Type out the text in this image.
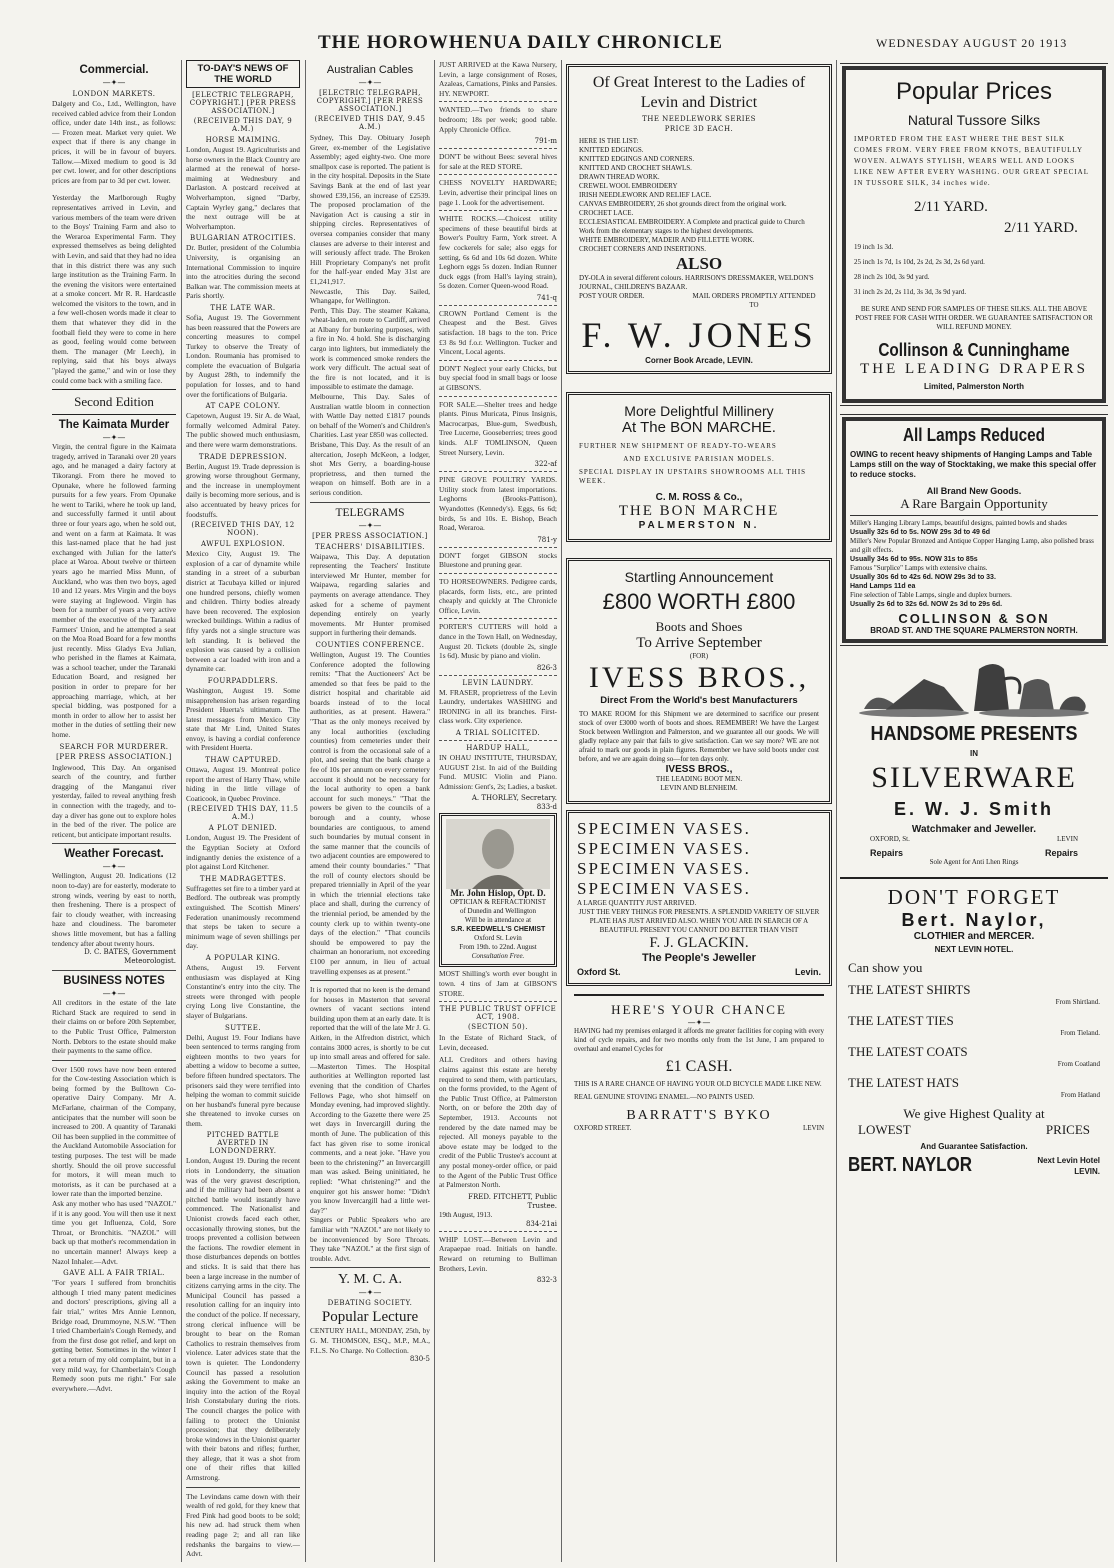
THE HOROWHENUA DAILY CHRONICLE	WEDNESDAY AUGUST 20 1913
Commercial.
—✦—
LONDON MARKETS.

Dalgety and Co., Ltd., Wellington, have received cabled advice from their London office, under date 14th inst., as follows:— Frozen meat. Market very quiet. We expect that if there is any change in prices, it will be in favour of buyers. Tallow.—Mixed medium to good is 3d per cwt. lower, and for other descriptions prices are from par to 3d per cwt. lower.

Yesterday the Marlborough Rugby representatives arrived in Levin, and various members of the team were driven to the Boys' Training Farm and also to the Weraroa Experimental Farm. They expressed themselves as being delighted with Levin, and said that they had no idea that in this district there was any such large institution as the Training Farm. In the evening the visitors were entertained at a smoke concert. Mr R. R. Hardcastle welcomed the visitors to the town, and in a few well-chosen words made it clear to them that whatever they did in the football field they were to come in here as good, feeling would come between them. The manager (Mr Leech), in replying, said that his boys always "played the game," and win or lose they could come back with a smiling face.

Second Edition
The Kaimata Murder
—✦—

Virgin, the central figure in the Kaimata tragedy, arrived in Taranaki over 20 years ago, and he managed a dairy factory at Tikorangi. From there he moved to Opunake, where he followed farming pursuits for a few years. From Opunake he went to Tariki, where he took up land, and successfully farmed it until about three or four years ago, when he sold out, and went on a farm at Kaimata. It was this last-named place that he had just exchanged with Julian for the latter's place at Waroa. About twelve or thirteen years ago he married Miss Munn, of Auckland, who was then two boys, aged 10 and 12 years. Mrs Virgin and the boys were staying at Inglewood. Virgin has been for a number of years a very active member of the executive of the Taranaki Farmers' Union, and he attempted a seat on the Moa Road Board for a few months just recently. Miss Gladys Eva Julian, who perished in the flames at Kaimata, was a school teacher, under the Taranaki Education Board, and resigned her position in order to prepare for her approaching marriage, which, at her special bidding, was postponed for a month in order to allow her to assist her mother in the duties of settling their new home.

SEARCH FOR MURDERER.
[PER PRESS ASSOCIATION.]

Inglewood, This Day. An organised search of the country, and further dragging of the Manganui river yesterday, failed to reveal anything fresh in connection with the tragedy, and to-day a diver has gone out to explore holes in the bed of the river. The police are reticent, but anticipate important results.

Weather Forecast.
—✦—

Wellington, August 20. Indications (12 noon to-day) are for easterly, moderate to strong winds, veering by east to north, then freshening. There is a prospect of fair to cloudy weather, with increasing haze and cloudiness. The barometer shows little movement, but has a falling tendency after about twenty hours.

D. C. BATES, Government Meteorologist.
BUSINESS NOTES
—✦—

All creditors in the estate of the late Richard Stack are required to send in their claims on or before 20th September, to the Public Trust Office, Palmerston North. Debtors to the estate should make their payments to the same office.

Over 1500 rows have now been entered for the Cow-testing Association which is being formed by the Bulltown Co-operative Dairy Company. Mr A. McFarlane, chairman of the Company, anticipates that the number will soon be increased to 200. A quantity of Taranaki Oil has been supplied in the committee of the Auckland Automobile Association for testing purposes. The test will be made shortly. Should the oil prove successful for motors, it will mean much to motorists, as it can be purchased at a lower rate than the imported benzine.

Ask any mother who has used "NAZOL" if it is any good. You will then use it next time you get Influenza, Cold, Sore Throat, or Bronchitis. "NAZOL" will back up that mother's recommendation in no uncertain manner! Always keep a Nazol Inhaler.—Advt.

GAVE ALL A FAIR TRIAL.

"For years I suffered from bronchitis although I tried many patent medicines and doctors' prescriptions, giving all a fair trial," writes Mrs Annie Lennon, Bridge road, Drummoyne, N.S.W. "Then I tried Chamberlain's Cough Remedy, and from the first dose got relief, and kept on getting better. Sometimes in the winter I get a return of my old complaint, but in a very mild way, for Chamberlain's Cough Remedy soon puts me right." For sale everywhere.—Advt.

TO-DAY'S NEWS OF THE WORLD
[ELECTRIC TELEGRAPH, COPYRIGHT.] [PER PRESS ASSOCIATION.]
(RECEIVED THIS DAY, 9 A.M.)
HORSE MAIMING.

London, August 19. Agriculturists and horse owners in the Black Country are alarmed at the renewal of horse-maiming at Wednesbury and Darlaston. A postcard received at Wolverhampton, signed "Darby, Captain Wyrley gang," declares that the next outrage will be at Wolverhampton.

BULGARIAN ATROCITIES.

Dr. Butler, president of the Columbia University, is organising an International Commission to inquire into the atrocities during the second Balkan war. The commission meets at Paris shortly.

THE LATE WAR.

Sofia, August 19. The Government has been reassured that the Powers are concerting measures to compel Turkey to observe the Treaty of London. Roumania has promised to complete the evacuation of Bulgaria by August 28th, to indemnify the population for losses, and to hand over the fortifications of Bulgaria.

AT CAPE COLONY.

Capetown, August 19. Sir A. de Waal, formally welcomed Admiral Patey. The public showed much enthusiasm, and there were warm demonstrations.

TRADE DEPRESSION.

Berlin, August 19. Trade depression is growing worse throughout Germany, and the increase in unemployment daily is becoming more serious, and is also accentuated by heavy prices for foodstuffs.

(RECEIVED THIS DAY, 12 NOON).
AWFUL EXPLOSION.

Mexico City, August 19. The explosion of a car of dynamite while standing in a street of a suburban district at Tacubaya killed or injured one hundred persons, chiefly women and children. Thirty bodies already have been recovered. The explosion wrecked buildings. Within a radius of fifty yards not a single structure was left standing. It is believed the explosion was caused by a collision between a car loaded with iron and a dynamite car.

FOURPADDLERS.

Washington, August 19. Some misapprehension has arisen regarding President Huerta's ultimatum. The latest messages from Mexico City state that Mr Lind, United States envoy, is having a cordial conference with President Huerta.

THAW CAPTURED.

Ottawa, August 19. Montreal police report the arrest of Harry Thaw, while hiding in the little village of Coaticook, in Quebec Province.

(RECEIVED THIS DAY, 11.5 A.M.)
A PLOT DENIED.

London, August 19. The President of the Egyptian Society at Oxford indignantly denies the existence of a plot against Lord Kitchener.

THE MADRAGETTES.

Suffragettes set fire to a timber yard at Bedford. The outbreak was promptly extinguished. The Scottish Miners' Federation unanimously recommend that steps be taken to secure a minimum wage of seven shillings per day.

A POPULAR KING.

Athens, August 19. Fervent enthusiasm was displayed at King Constantine's entry into the city. The streets were thronged with people crying Long live Constantine, the slayer of Bulgarians.

SUTTEE.

Delhi, August 19. Four Indians have been sentenced to terms ranging from eighteen months to two years for abetting a widow to become a suttee, before fifteen hundred spectators. The prisoners said they were terrified into helping the woman to commit suicide on her husband's funeral pyre because she threatened to invoke curses on them.

PITCHED BATTLE AVERTED IN LONDONDERRY.

London, August 19. During the recent riots in Londonderry, the situation was of the very gravest description, and if the military had been absent a pitched battle would instantly have commenced. The Nationalist and Unionist crowds faced each other, occasionally throwing stones, but the troops prevented a collision between the factions. The rowdier element in those disturbances depends on bottles and sticks. It is said that there has been a large increase in the number of citizens carrying arms in the city. The Municipal Council has passed a resolution calling for an inquiry into the conduct of the police. If necessary, strong clerical influence will be brought to bear on the Roman Catholics to restrain themselves from violence. Later advices state that the town is quieter. The Londonderry Council has passed a resolution asking the Government to make an inquiry into the action of the Royal Irish Constabulary during the riots. The council charges the police with failing to protect the Unionist procession; that they deliberately broke windows in the Unionist quarter with their batons and rifles; further, they allege, that it was a shot from one of their rifles that killed Armstrong.

The Levindans came down with their wealth of red gold, for they knew that Fred Pink had good boots to be sold; his new ad. had struck them when reading page 2; and all ran like redshanks the bargains to view.—Advt.

Australian Cables
—✦—
[ELECTRIC TELEGRAPH, COPYRIGHT.] [PER PRESS ASSOCIATION.]
(RECEIVED THIS DAY, 9.45 A.M.)

Sydney, This Day. Obituary Joseph Greer, ex-member of the Legislative Assembly; aged eighty-two. One more smallpox case is reported. The patient is in the city hospital. Deposits in the State Savings Bank at the end of last year showed £39,156, an increase of £2539. The proposed proclamation of the Navigation Act is causing a stir in shipping circles. Representatives of oversea companies consider that many clauses are adverse to their interest and will seriously affect trade. The Broken Hill Proprietary Company's net profit for the half-year ended May 31st are £1,241,917.

Newcastle, This Day. Sailed, Whangape, for Wellington.

Perth, This Day. The steamer Kakana, wheat-laden, en route to Cardiff, arrived at Albany for bunkering purposes, with a fire in No. 4 hold. She is discharging cargo into lighters, but immediately the work is commenced smoke renders the work very difficult. The actual seat of the fire is not located, and it is impossible to estimate the damage.

Melbourne, This Day. Sales of Australian wattle bloom in connection with Wattle Day netted £1817 pounds on behalf of the Women's and Children's Charities. Last year £850 was collected.

Brisbane, This Day. As the result of an altercation, Joseph McKeon, a lodger, shot Mrs Gerry, a boarding-house proprietress, and then turned the weapon on himself. Both are in a serious condition.

TELEGRAMS
—✦—
[PER PRESS ASSOCIATION.]
TEACHERS' DISABILITIES.

Waipawa, This Day. A deputation representing the Teachers' Institute interviewed Mr Hunter, member for Waipawa, regarding salaries and payments on average attendance. They asked for a scheme of payment depending entirely on yearly movements. Mr Hunter promised support in furthering their demands.

COUNTIES CONFERENCE.

Wellington, August 19. The Counties Conference adopted the following remits: "That the Auctioneers' Act be amended so that fees be paid to the district hospital and charitable aid boards instead of to the local authorities, as at present. Hawera." "That as the only moneys received by any local authorities (excluding counties) from cemeteries under their control is from the occasional sale of a plot, and seeing that the bank charge a fee of 10s per annum on every cemetery account it should not be necessary for the local authority to open a bank account for such moneys." "That the powers be given to the councils of a borough and a county, whose boundaries are contiguous, to amend such boundaries by mutual consent in the same manner that the councils of two adjacent counties are empowered to amend their county boundaries." "That the roll of county electors should be prepared triennially in April of the year in which the triennial elections take place and shall, during the currency of the triennial period, be amended by the county clerk up to within twenty-one days of the election." "That councils should be empowered to pay the chairman an honorarium, not exceeding £100 per annum, in lieu of actual travelling expenses as at present."

It is reported that no keen is the demand for houses in Masterton that several owners of vacant sections intend building upon them at an early date. It is reported that the will of the late Mr J. G. Aitken, in the Alfredton district, which contains 3000 acres, is shortly to be cut up into small areas and offered for sale.—Masterton Times. The Hospital authorities at Wellington reported last evening that the condition of Charles Fellows Page, who shot himself on Monday evening, had improved slightly. According to the Gazette there were 25 wet days in Invercargill during the month of June. The publication of this fact has given rise to some ironical comments, and a neat joke. "Have you been to the christening?" an Invercargill man was asked. Being uninitiated, he replied: "What christening?" and the enquirer got his answer home: "Didn't you know Invercargill had a little wet-day?"

Singers or Public Speakers who are familiar with "NAZOL" are not likely to be inconvenienced by Sore Throats. They take "NAZOL" at the first sign of trouble. Advt.

Y. M. C. A.
—✦—
DEBATING SOCIETY.
Popular Lecture

CENTURY HALL, MONDAY, 25th, by G. M. THOMSON, ESQ., M.P., M.A., F.L.S. No Charge. No Collection.

830-5

JUST ARRIVED at the Kawa Nursery, Levin, a large consignment of Roses, Azaleas, Carnations, Pinks and Pansies. HY. NEWPORT.

WANTED.—Two friends to share bedroom; 18s per week; good table. Apply Chronicle Office.

791-m

DON'T be without Bees: several hives for sale at the RED STORE.

CHESS NOVELTY HARDWARE; Levin, advertise their principal lines on page 1. Look for the advertisement.

WHITE ROCKS.—Choicest utility specimens of these beautiful birds at Bower's Poultry Farm, York street. A few cockerels for sale; also eggs for setting, 6s 6d and 10s 6d dozen. White Leghorn eggs 5s dozen. Indian Runner duck eggs (from Hall's laying strain), 5s dozen. Corner Queen-wood Road.

741-q

CROWN Portland Cement is the Cheapest and the Best. Gives satisfaction. 18 bags to the ton. Price £3 8s 9d f.o.r. Wellington. Tucker and Vincent, Local agents.

DON'T Neglect your early Chicks, but buy special food in small bags or loose at GIBSON'S.

FOR SALE.—Shelter trees and hedge plants. Pinus Muricata, Pinus Insignis, Macrocarpas, Blue-gum, Swedbush, Tree Lucerne, Gooseberries; trees good kinds. ALF TOMLINSON, Queen Street Nursery, Levin.

322-af

PINE GROVE POULTRY YARDS. Utility stock from latest importations. Leghorns (Brooks-Pattison), Wyandottes (Kennedy's). Eggs, 6s 6d; birds, 5s and 10s. E. Bishop, Beach Road, Weraroa.

781-y

DON'T forget GIBSON stocks Bluestone and pruning gear.

TO HORSEOWNERS. Pedigree cards, placards, form lists, etc., are printed cheaply and quickly at The Chronicle Office, Levin.

PORTER'S CUTTERS will hold a dance in the Town Hall, on Wednesday, August 20. Tickets (double 2s, single 1s 6d). Music by piano and violin.

826-3
LEVIN LAUNDRY.

M. FRASER, proprietress of the Levin Laundry, undertakes WASHING and IRONING in all its branches. First-class work. City experience.

A TRIAL SOLICITED.
HARDUP HALL,

IN OHAU INSTITUTE, THURSDAY, AUGUST 21st. In aid of the Building Fund. MUSIC Violin and Piano. Admission: Gent's, 2s; Ladies, a basket.

A. THORLEY, Secretary.
833-d
Mr. John Hislop, Opt. D.
OPTICIAN & REFRACTIONIST
of Dunedin and Wellington
Will be in attendance at
S.R. KEEDWELL'S CHEMIST
Oxford St. Levin
From 19th. to 22nd. August
Consultation Free.

MOST Shilling's worth ever bought in town. 4 tins of Jam at GIBSON'S STORE.

THE PUBLIC TRUST OFFICE ACT, 1908.
(SECTION 50).

In the Estate of Richard Stack, of Levin, deceased.

ALL Creditors and others having claims against this estate are hereby required to send them, with particulars, on the forms provided, to the Agent of the Public Trust Office, at Palmerston North, on or before the 20th day of September, 1913. Accounts not rendered by the date named may be rejected. All moneys payable to the above estate may be lodged to the credit of the Public Trustee's account at any postal money-order office, or paid to the Agent of the Public Trust Office at Palmerston North.

FRED. FITCHETT, Public Trustee.
19th August, 1913.
834-21ai

WHIP LOST.—Between Levin and Arapaepae road. Initials on handle. Reward on returning to Bulliman Brothers, Levin.

832-3
Of Great Interest to the Ladies of Levin and District
THE NEEDLEWORK SERIES
PRICE 3D EACH.
HERE IS THE LIST:
KNITTED EDGINGS.
KNITTED EDGINGS AND CORNERS.
KNITTED AND CROCHET SHAWLS.
DRAWN THREAD WORK.
CREWEL WOOL EMBROIDERY
IRISH NEEDLEWORK AND RELIEF LACE.
CANVAS EMBROIDERY, 26 shot grounds direct from the original work.
CROCHET LACE.
ECCLESIASTICAL EMBROIDERY. A Complete and practical guide to Church Work from the elementary stages to the highest developments.
WHITE EMBROIDERY, MADEIR AND FILLETTE WORK.
CROCHET CORNERS AND INSERTIONS.
ALSO
DY-OLA in several different colours. HARRISON'S DRESSMAKER, WELDON'S JOURNAL, CHILDREN'S BAZAAR.
POST YOUR ORDER.	MAIL ORDERS PROMPTLY ATTENDED TO
F. W. JONES
Corner Book Arcade, LEVIN.
More Delightful Millinery
At The BON MARCHE.
FURTHER NEW SHIPMENT OF READY-TO-WEARS
AND EXCLUSIVE PARISIAN MODELS.
SPECIAL DISPLAY IN UPSTAIRS SHOWROOMS ALL THIS WEEK.
C. M. ROSS & Co.,
THE BON MARCHE
PALMERSTON N.
Startling Announcement
£800 WORTH £800
Boots and Shoes
To Arrive September
(FOR)
IVESS BROS.,
Direct From the World's best Manufacturers

TO MAKE ROOM for this Shipment we are determined to sacrifice our present stock of over £3000 worth of boots and shoes. REMEMBER! We have the Largest Stock between Wellington and Palmerston, and we guarantee all our goods. We will gladly replace any pair that fails to give satisfaction. Can we say more? WE are not afraid to mark our goods in plain figures. Remember we have sold boots under cost before, and we are again doing so—for ten days only.

IVESS BROS.,
THE LEADING BOOT MEN.
LEVIN AND BLENHEIM.
SPECIMEN VASES.
SPECIMEN VASES.
SPECIMEN VASES.
SPECIMEN VASES.
A LARGE QUANTITY JUST ARRIVED.

JUST THE VERY THINGS FOR PRESENTS. A SPLENDID VARIETY OF SILVER PLATE HAS JUST ARRIVED ALSO. WHEN YOU ARE IN SEARCH OF A BEAUTIFUL PRESENT YOU CANNOT DO BETTER THAN VISIT

F. J. GLACKIN.
The People's Jeweller
Oxford St.	Levin.
HERE'S YOUR CHANCE
—✦—

HAVING had my premises enlarged it affords me greater facilities for coping with every kind of cycle repairs, and for two months only from the 1st June, I am prepared to overhaul and enamel Cycles for

£1 CASH.
THIS IS A RARE CHANCE OF HAVING YOUR OLD BICYCLE MADE LIKE NEW.
REAL GENUINE STOVING ENAMEL.—NO PAINTS USED.
BARRATT'S BYKO
OXFORD STREET.	LEVIN
Popular Prices
Natural Tussore Silks

IMPORTED FROM THE EAST WHERE THE BEST SILK COMES FROM. VERY FREE FROM KNOTS, BEAUTIFULLY WOVEN. ALWAYS STYLISH, WEARS WELL AND LOOKS LIKE NEW AFTER EVERY WASHING. OUR GREAT SPECIAL IN TUSSORE SILK, 34 inches wide.

2/11 YARD.
2/11 YARD.
19 inch 1s 3d.
25 inch 1s 7d, 1s 10d, 2s 2d, 2s 3d, 2s 6d yard.
28 inch 2s 10d, 3s 9d yard.
31 inch 2s 2d, 2s 11d, 3s 3d, 3s 9d yard.

BE SURE AND SEND FOR SAMPLES OF THESE SILKS. ALL THE ABOVE POST FREE FOR CASH WITH ORDER. WE GUARANTEE SATISFACTION OR WILL REFUND MONEY.

Collinson & Cunninghame
THE LEADING DRAPERS
Limited, Palmerston North
All Lamps Reduced

OWING to recent heavy shipments of Hanging Lamps and Table Lamps still on the way of Stocktaking, we make this special offer to reduce stocks.

All Brand New Goods.
A Rare Bargain Opportunity
Miller's Hanging Library Lamps, beautiful designs, painted bowls and shades
Usually 32s 6d to 5s. NOW 29s 3d to 49 6d
Miller's New Popular Bronzed and Antique Copper Hanging Lamp, also polished brass and gilt effects.
Usually 34s 6d to 95s. NOW 31s to 85s
Famous "Surplice" Lamps with extensive chains.
Usually 30s 6d to 42s 6d. NOW 29s 3d to 33.
Hand Lamps 11d ea
Fine selection of Table Lamps, single and duplex burners.
Usually 2s 6d to 32s 6d. NOW 2s 3d to 29s 6d.
COLLINSON & SON
BROAD ST. AND THE SQUARE PALMERSTON NORTH.
HANDSOME PRESENTS
IN
SILVERWARE
E. W. J. Smith
Watchmaker and Jeweller.
OXFORD, St.	LEVIN
Repairs	Repairs
Sole Agent for Anti Lhen Rings
DON'T FORGET
Bert. Naylor,
CLOTHIER and MERCER.
NEXT LEVIN HOTEL.
Can show you
THE LATEST SHIRTS
From Shirtland.
THE LATEST TIES
From Tieland.
THE LATEST COATS
From Coatland
THE LATEST HATS
From Hatland
We give Highest Quality at
LOWEST	PRICES
And Guarantee Satisfaction.
BERT. NAYLOR	Next Levin Hotel
LEVIN.
